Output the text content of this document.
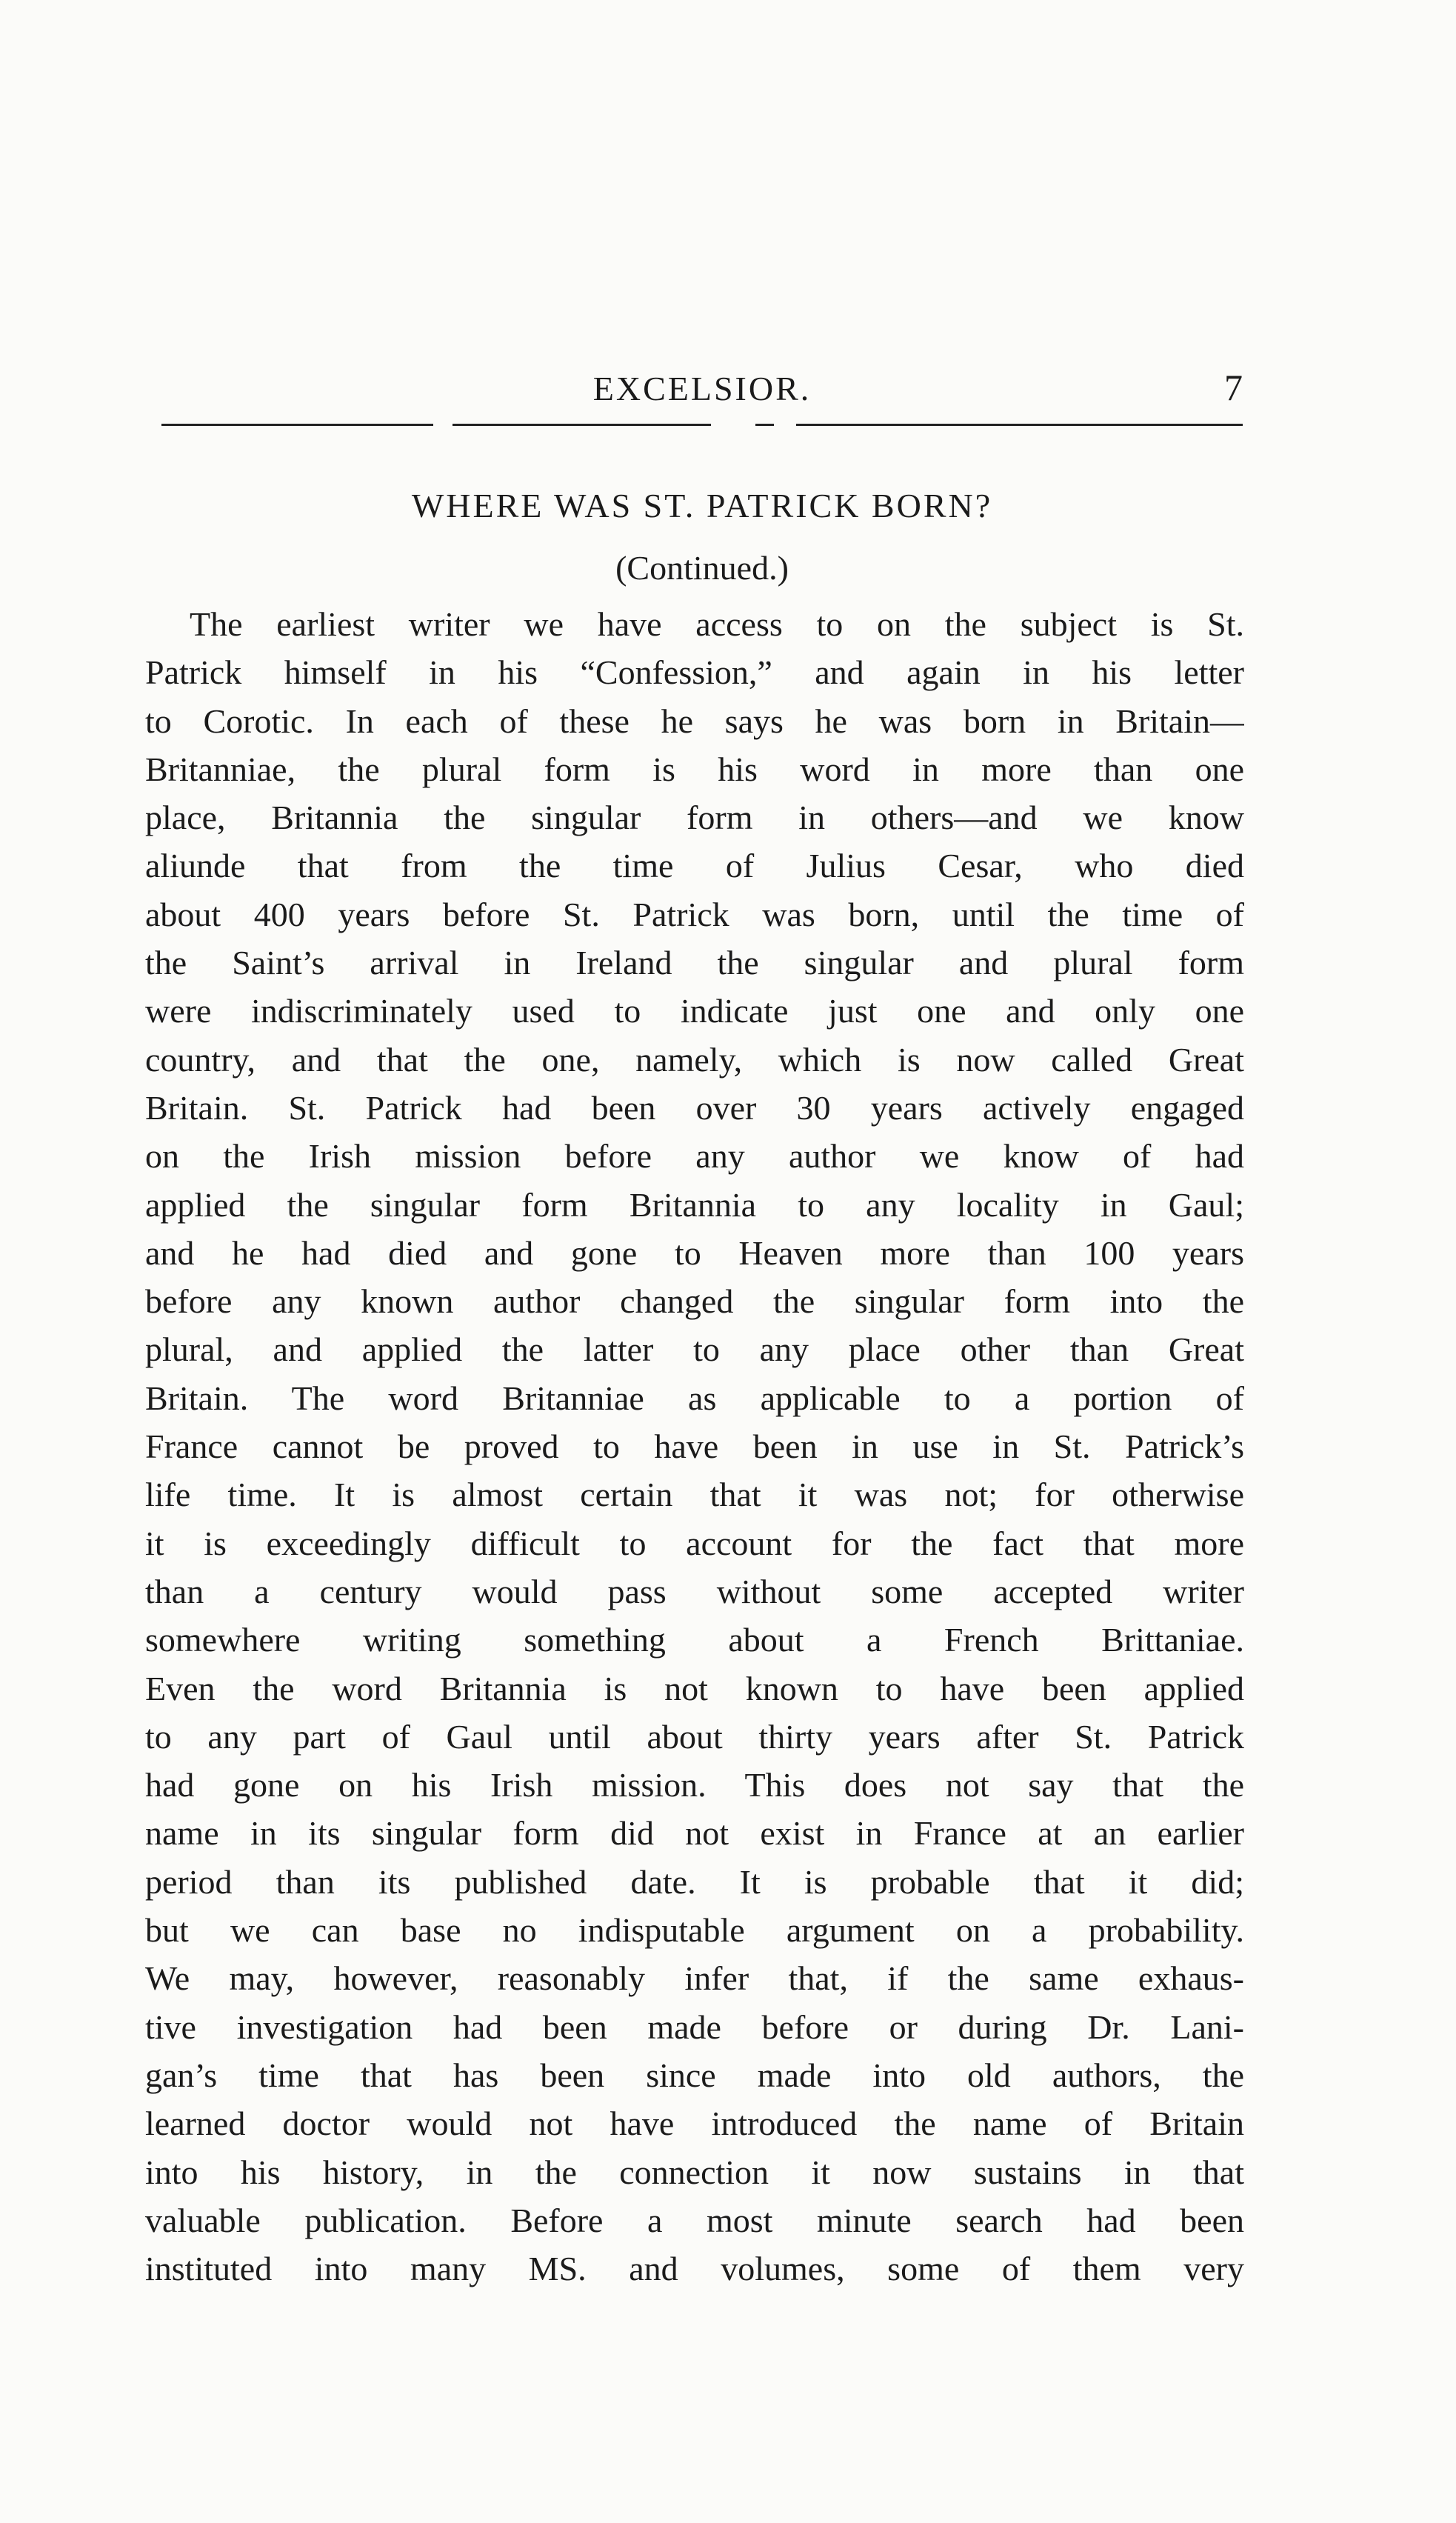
EXCELSIOR.	7
WHERE WAS ST. PATRICK BORN?
(Continued.)
The earliest writer we have access to on the subject is St.
Patrick himself in his “Confession,” and again in his letter
to Corotic. In each of these he says he was born in Britain—
Britanniae, the plural form is his word in more than one
place, Britannia the singular form in others—and we know
aliunde that from the time of Julius Cesar, who died
about 400 years before St. Patrick was born, until the time of
the Saint’s arrival in Ireland the singular and plural form
were indiscriminately used to indicate just one and only one
country, and that the one, namely, which is now called Great
Britain. St. Patrick had been over 30 years actively engaged
on the Irish mission before any author we know of had
applied the singular form Britannia to any locality in Gaul;
and he had died and gone to Heaven more than 100 years
before any known author changed the singular form into the
plural, and applied the latter to any place other than Great
Britain. The word Britanniae as applicable to a portion of
France cannot be proved to have been in use in St. Patrick’s
life time. It is almost certain that it was not; for otherwise
it is exceedingly difficult to account for the fact that more
than a century would pass without some accepted writer
somewhere writing something about a French Brittaniae.
Even the word Britannia is not known to have been applied
to any part of Gaul until about thirty years after St. Patrick
had gone on his Irish mission. This does not say that the
name in its singular form did not exist in France at an earlier
period than its published date. It is probable that it did;
but we can base no indisputable argument on a probability.
We may, however, reasonably infer that, if the same exhaus-
tive investigation had been made before or during Dr. Lani-
gan’s time that has been since made into old authors, the
learned doctor would not have introduced the name of Britain
into his history, in the connection it now sustains in that
valuable publication. Before a most minute search had been
instituted into many MS. and volumes, some of them very
